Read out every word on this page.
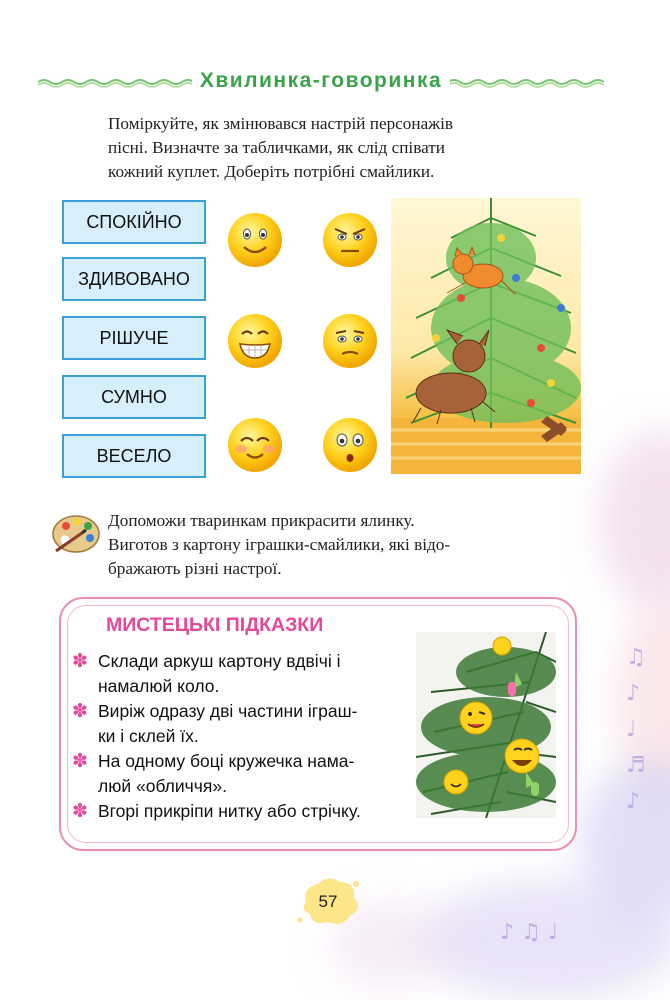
♫
♪
♩
♬
♪
♪ ♫ ♩
Хвилинка-говоринка
Поміркуйте, як змінювався настрій персонажів
пісні. Визначте за табличками, як слід співати
кожний куплет. Доберіть потрібні смайлики.
СПОКІЙНО
ЗДИВОВАНО
РІШУЧЕ
СУМНО
ВЕСЕЛО
Допоможи тваринкам прикрасити ялинку.
Виготов з картону іграшки-смайлики, які відо-
бражають різні настрої.
МИСТЕЦЬКІ ПІДКАЗКИ
✽ Склади аркуш картону вдвічі і
намалюй коло.
✽ Виріж одразу дві частини іграш-
ки і склей їх.
✽ На одному боці кружечка нама-
люй «обличчя».
✽ Вгорі прикріпи нитку або стрічку.
57
